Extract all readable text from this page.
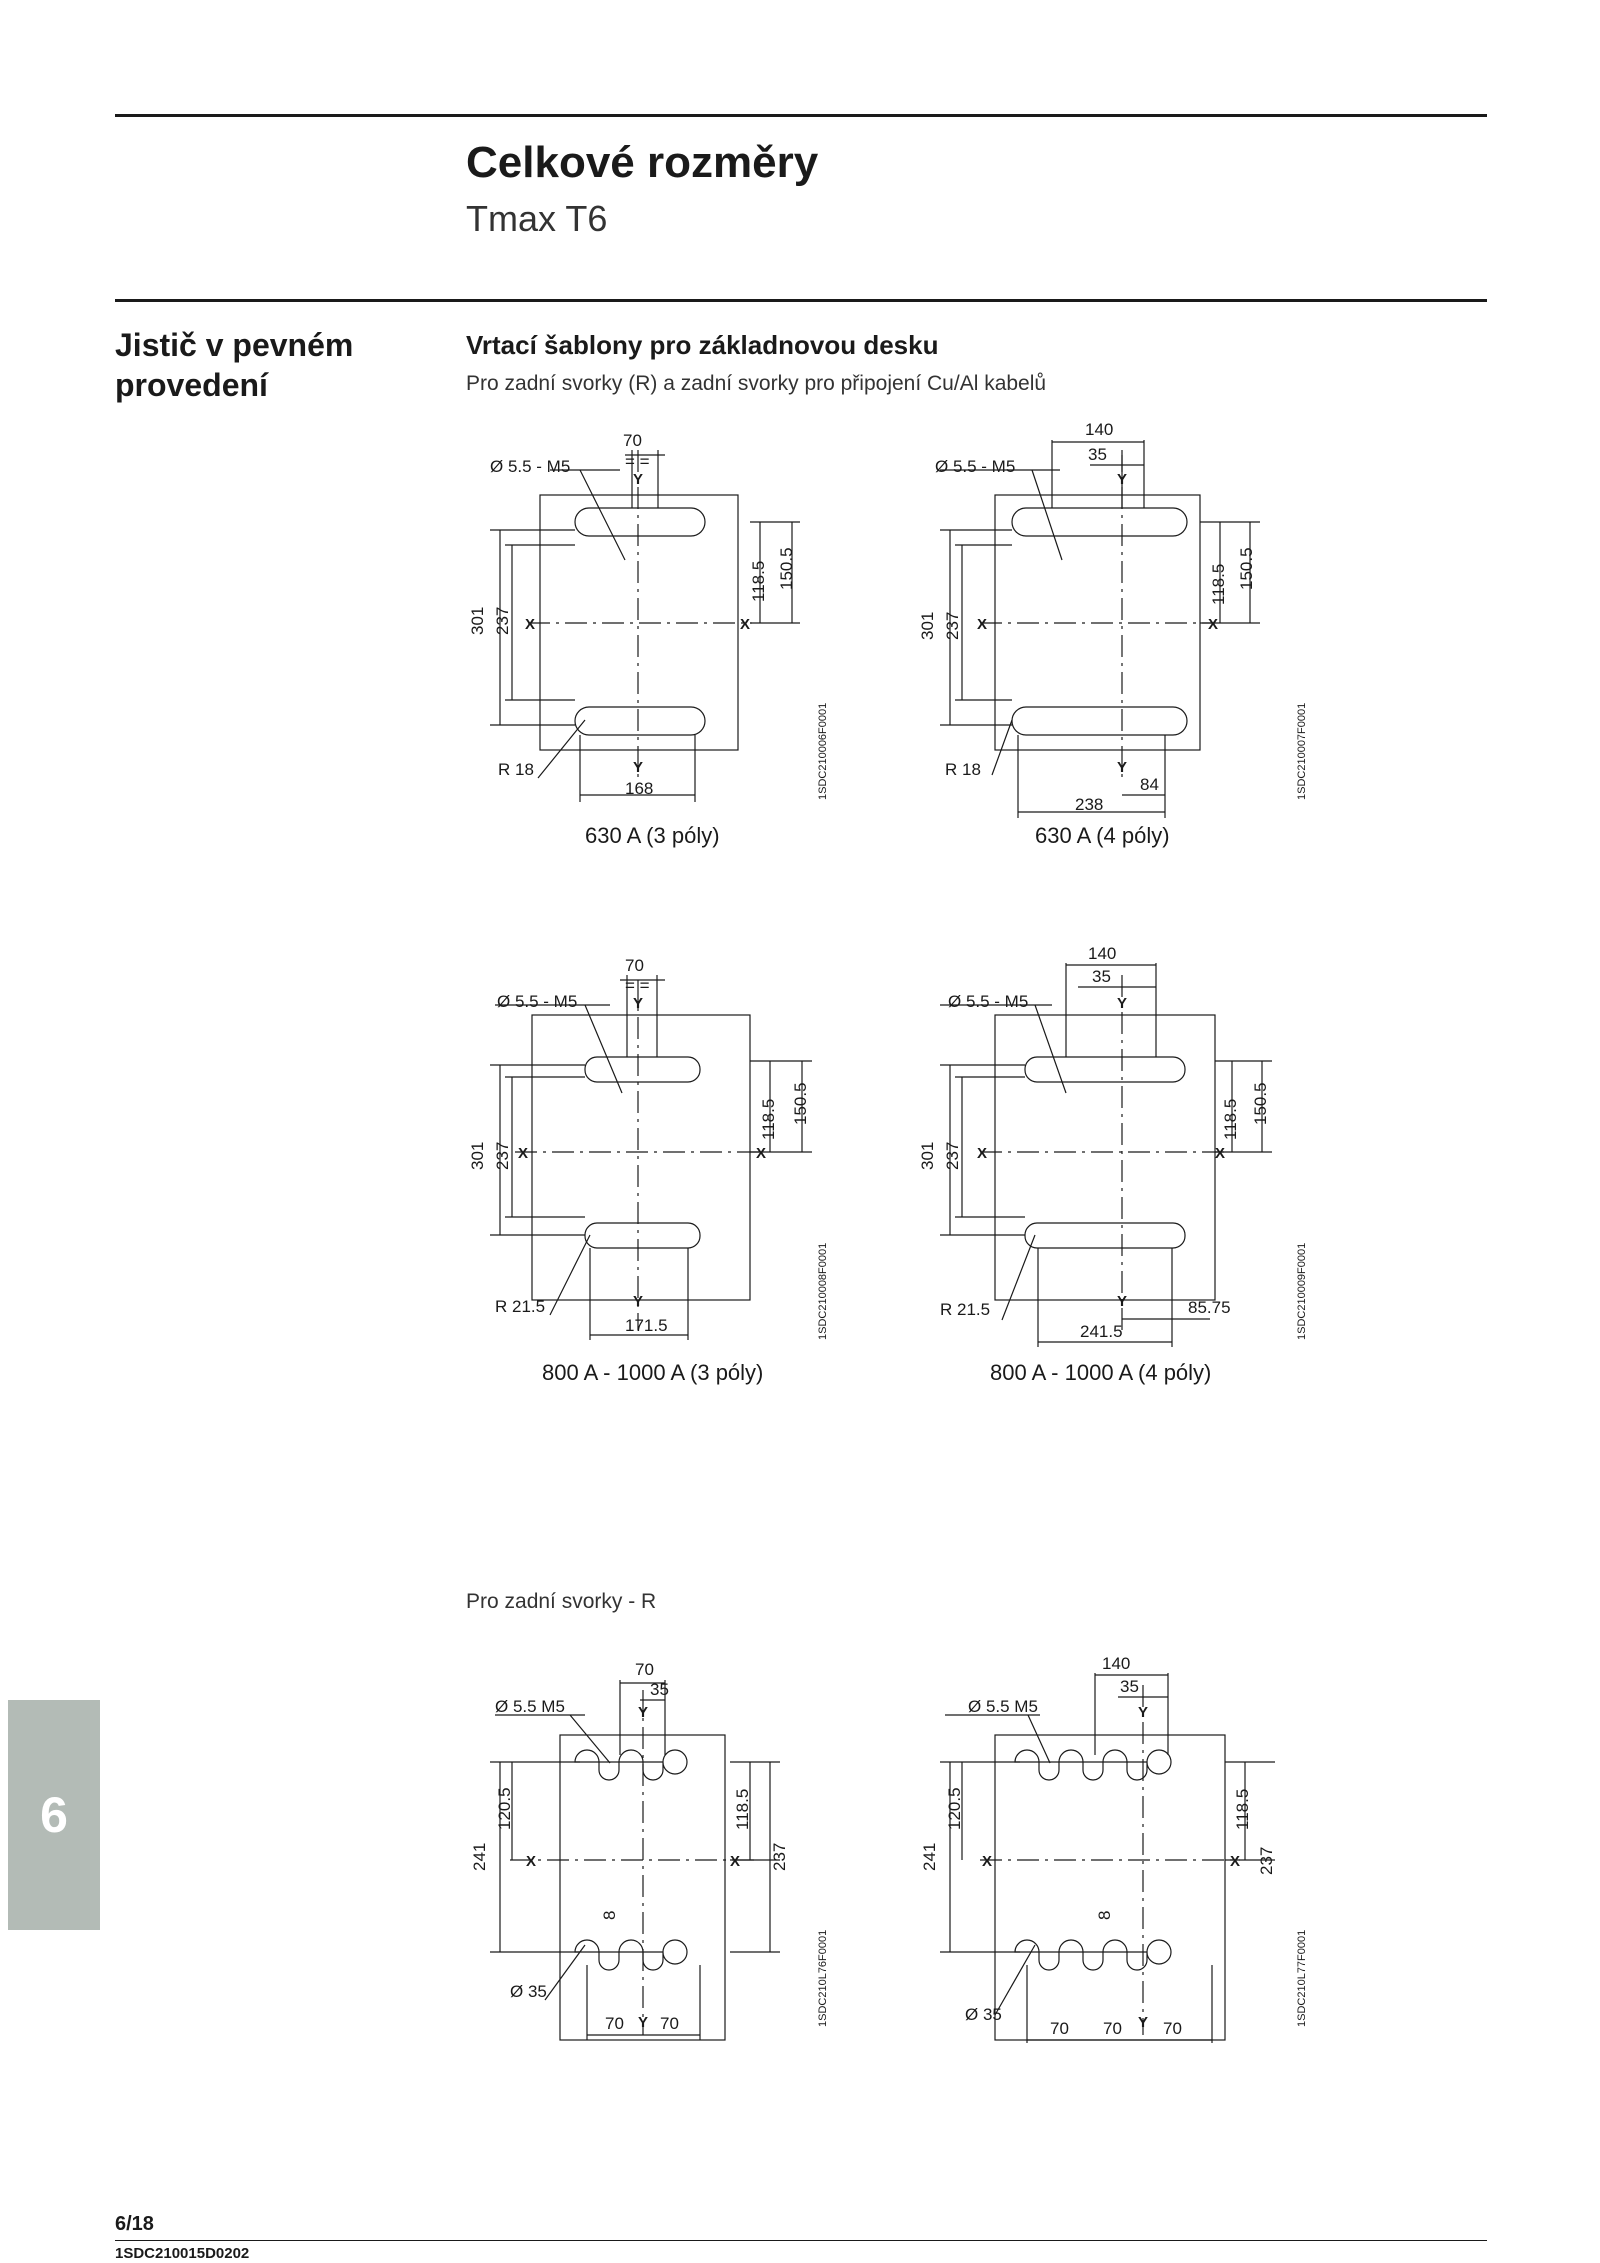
Celkové rozměry
Tmax T6
Jistič v pevném provedení
Vrtací šablony pro základnovou desku
Pro zadní svorky (R) a zadní svorky pro připojení Cu/Al kabelů
70
= =
Ø 5.5 - M5
Y
X	X
Y
301 237
118.5 150.5
R 18
168	1SDC210006F0001
630 A (3 póly)
140
35
Ø 5.5 - M5
Y
X	X
Y
301 237
118.5 150.5
R 18
238
84	1SDC210007F0001
630 A (4 póly)
70
= =
Ø 5.5 - M5	Y
X	X
Y
301 237
118.5 150.5
R 21.5
171.5	1SDC210008F0001
800 A - 1000 A (3 póly)
140
35
Ø 5.5 - M5	Y
X	X
Y
301 237
118.5 150.5
R 21.5
241.5
85.75	1SDC210009F0001
800 A - 1000 A (4 póly)
Pro zadní svorky - R
70
35
Ø 5.5 M5	Y
X	X
Y
241
120.5	118.5
237
8
Ø 35
70 70	1SDC210L76F0001
140
35
Ø 5.5 M5	Y
X	X
Y
241
120.5	118.5
237
8
Ø 35
70 70 70
1SDC210L77F0001
6
6/18
1SDC210015D0202
